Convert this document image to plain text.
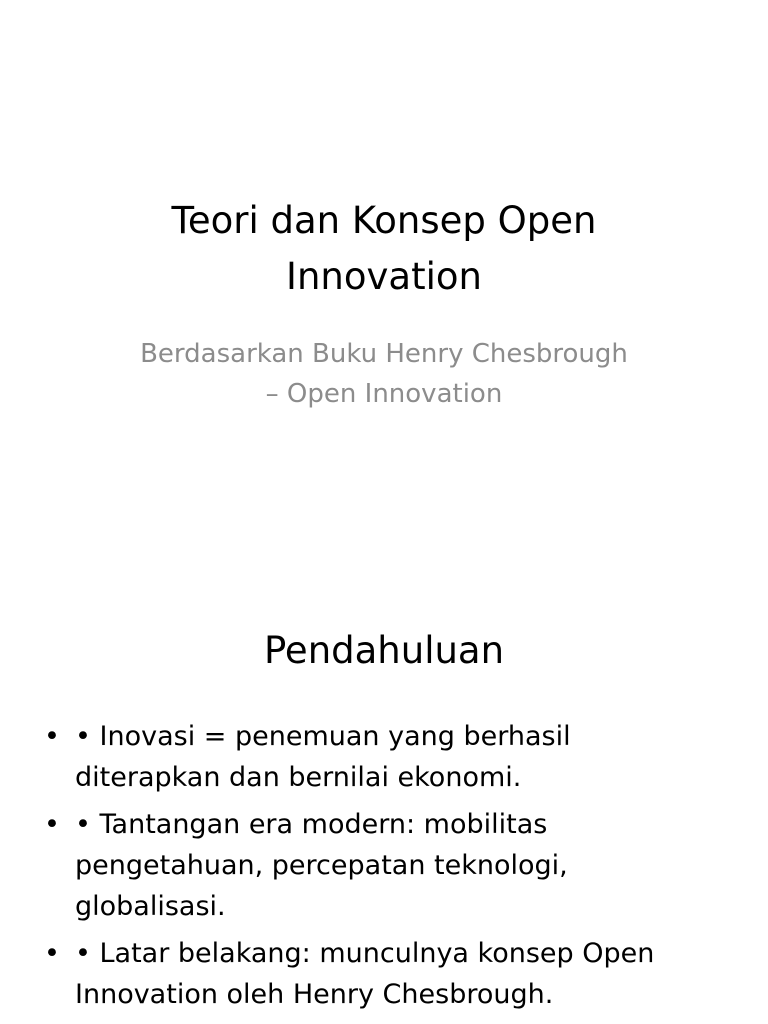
Teori dan Konsep Open
Innovation

Berdasarkan Buku Henry Chesbrough
– Open Innovation

Pendahuluan
• • Inovasi = penemuan yang berhasil diterapkan dan bernilai ekonomi.
• • Tantangan era modern: mobilitas pengetahuan, percepatan teknologi, globalisasi.
• • Latar belakang: munculnya konsep Open Innovation oleh Henry Chesbrough.
